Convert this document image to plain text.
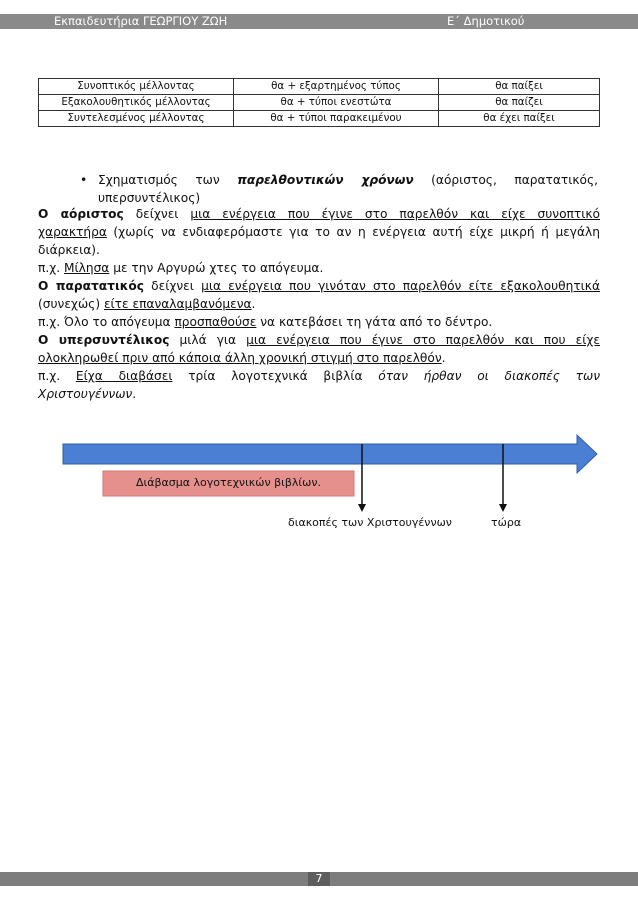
Εκπαιδευτήρια ΓΕΩΡΓΙΟΥ ΖΩΗ	Ε΄ Δημοτικού
Συνοπτικός μέλλοντας	θα + εξαρτημένος τύπος	θα παίξει
Εξακολουθητικός μέλλοντας	θα + τύποι ενεστώτα	θα παίζει
Συντελεσμένος μέλλοντας	θα + τύποι παρακειμένου	θα έχει παίξει
• Σχηματισμός των παρελθοντικών χρόνων (αόριστος, παρατατικός,
υπερσυντέλικος)
Ο αόριστος δείχνει μια ενέργεια που έγινε στο παρελθόν και είχε συνοπτικό
χαρακτήρα (χωρίς να ενδιαφερόμαστε για το αν η ενέργεια αυτή είχε μικρή ή μεγάλη
διάρκεια).
π.χ. Μίλησα με την Αργυρώ χτες το απόγευμα.
Ο παρατατικός δείχνει μια ενέργεια που γινόταν στο παρελθόν είτε εξακολουθητικά
(συνεχώς) είτε επαναλαμβανόμενα.
π.χ. Όλο το απόγευμα προσπαθούσε να κατεβάσει τη γάτα από το δέντρο.
Ο υπερσυντέλικος μιλά για μια ενέργεια που έγινε στο παρελθόν και που είχε
ολοκληρωθεί πριν από κάποια άλλη χρονική στιγμή στο παρελθόν.
π.χ. Είχα διαβάσει τρία λογοτεχνικά βιβλία όταν ήρθαν οι διακοπές των
Χριστουγέννων.
Διάβασμα λογοτεχνικών βιβλίων.
διακοπές των Χριστουγέννων	τώρα
7
